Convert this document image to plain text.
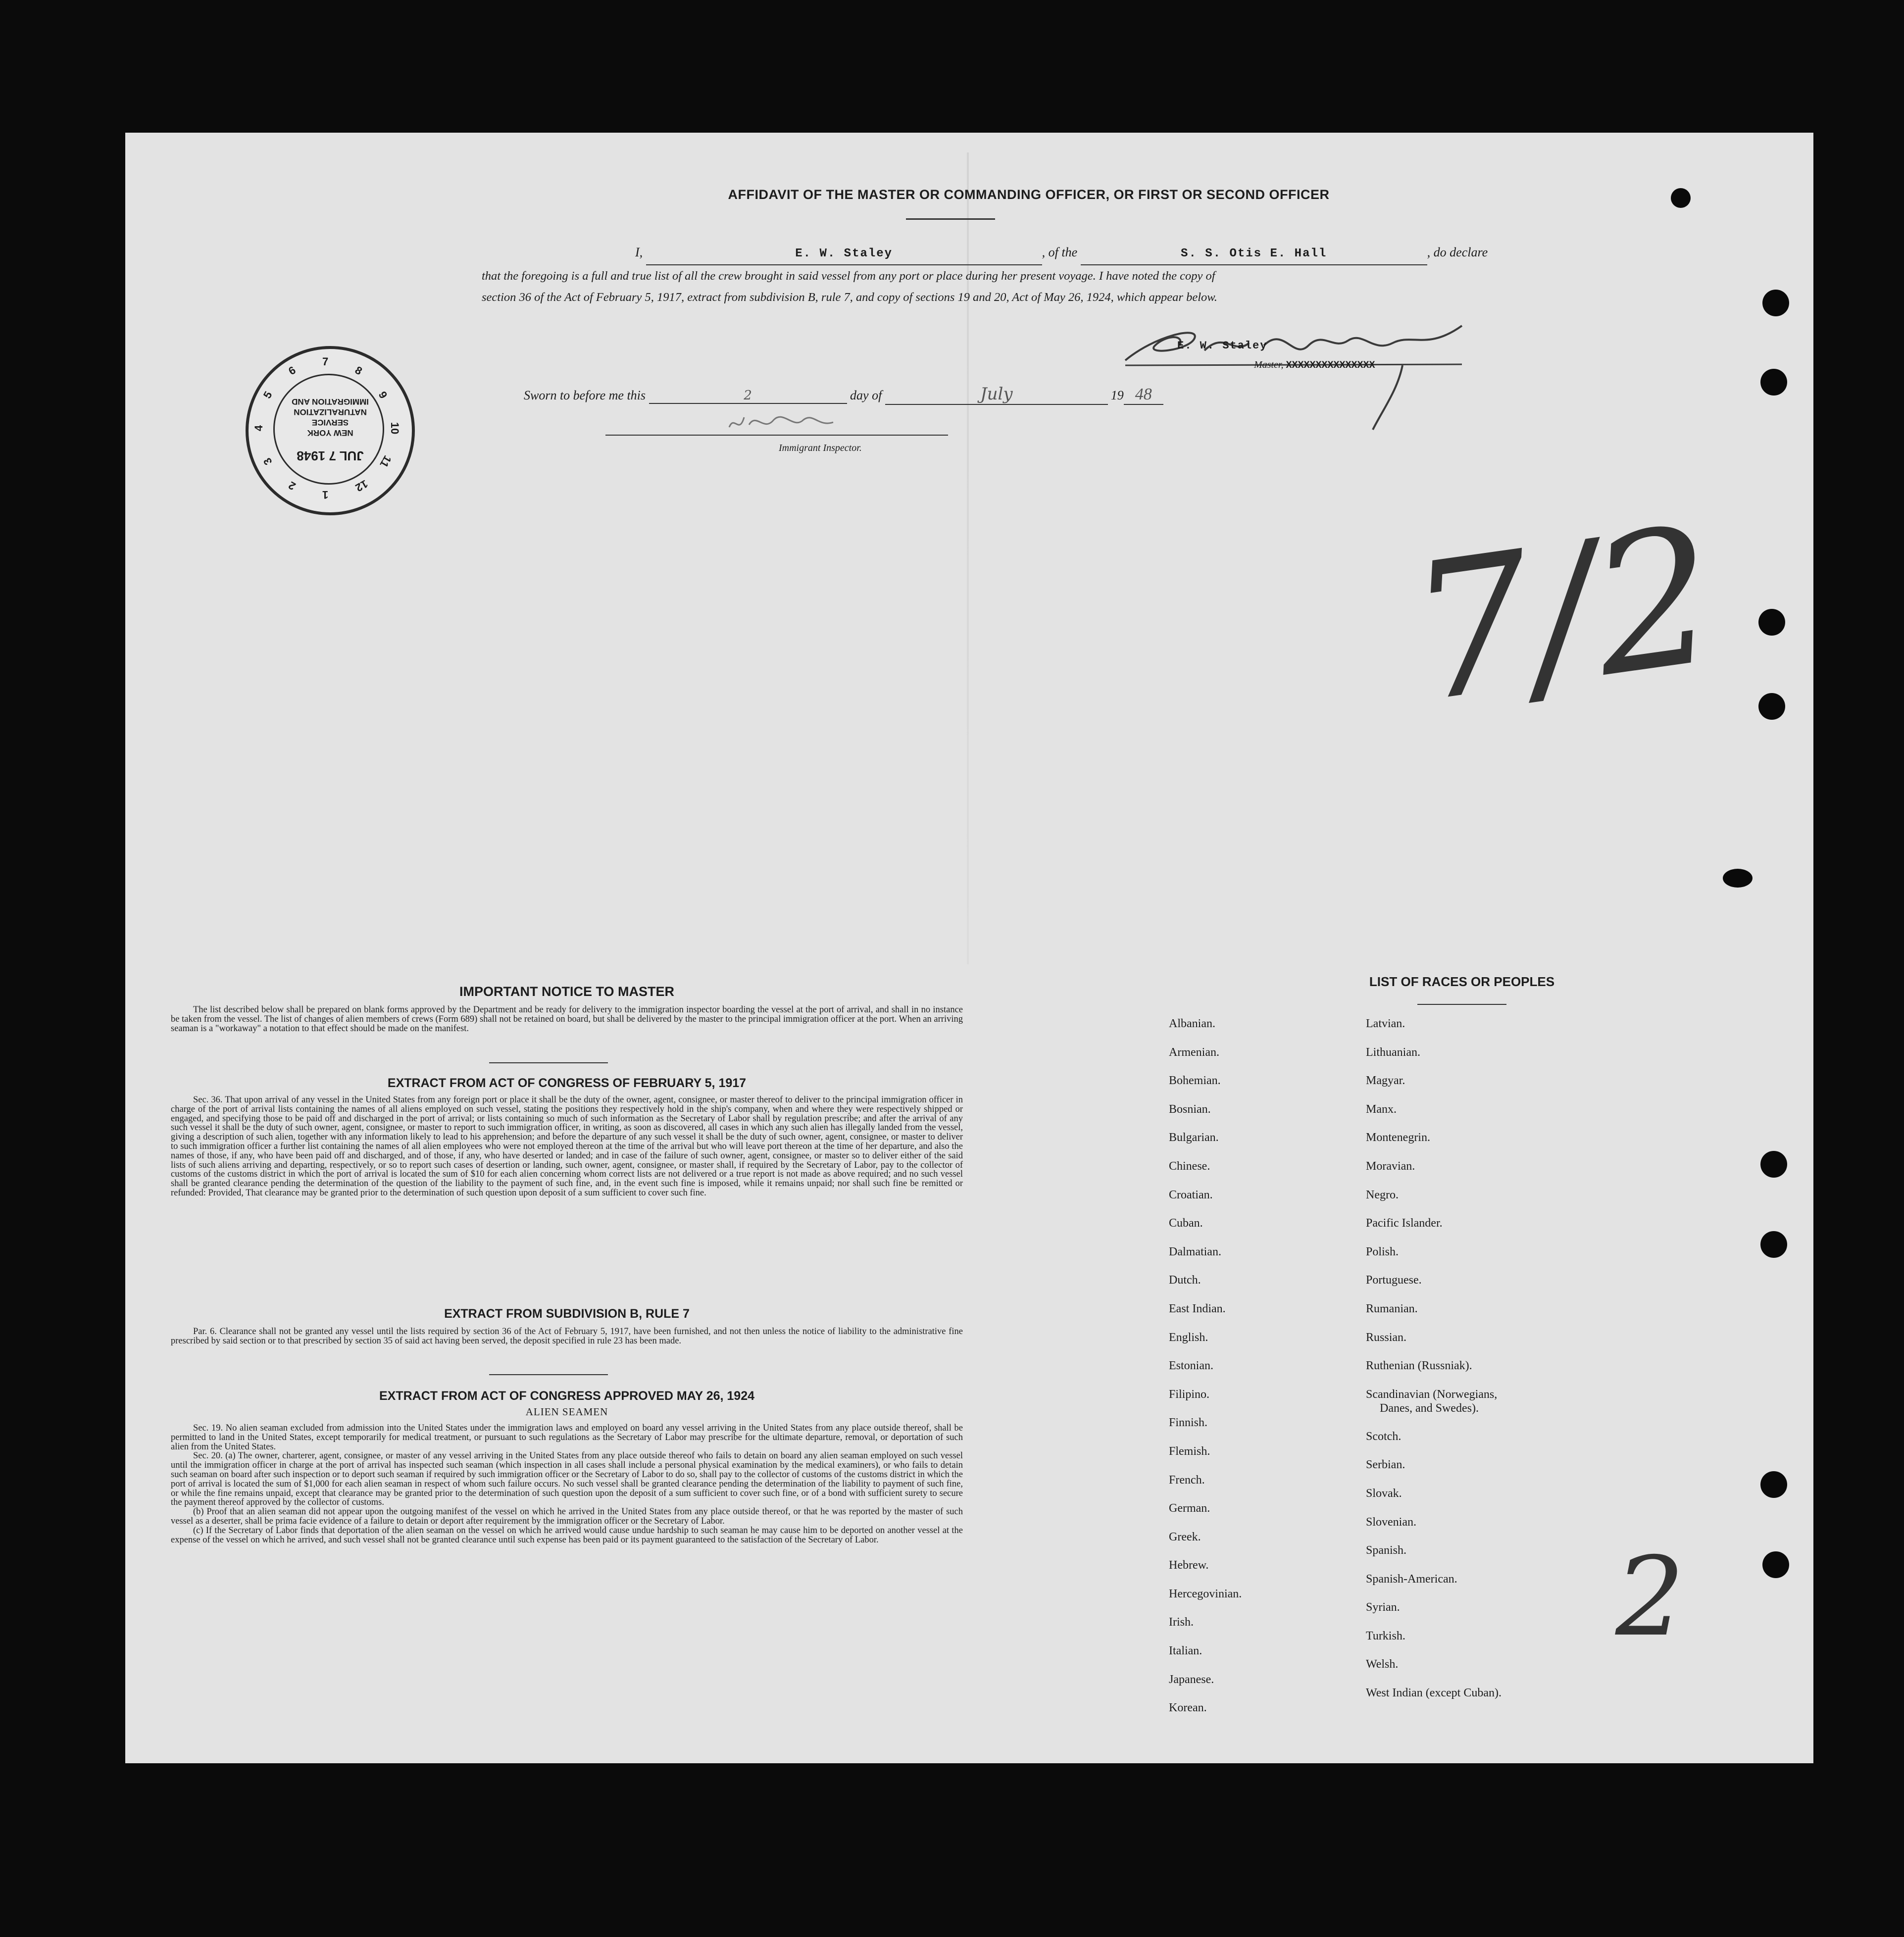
AFFIDAVIT OF THE MASTER OR COMMANDING OFFICER, OR FIRST OR SECOND OFFICER
I,	E. W. Staley	, of the	S. S. Otis E. Hall	, do declare
that the foregoing is a full and true list of all the crew brought in said vessel from any port or place during her present voyage. I have noted the copy of
section 36 of the Act of February 5, 1917, extract from subdivision B, rule 7, and copy of sections 19 and 20, Act of May 26, 1924, which appear below.
E. W. Staley
Master, XXXXXXXXXXXXXXX
Sworn to before me this	2	day of	July	19 48
Immigrant Inspector.
IMMIGRATION AND
NATURALIZATION
SERVICE
NEW YORK
JUL 7 1948
1
2
3
4
5
6
7
8
9
10
11
12	7/2
2
IMPORTANT NOTICE TO MASTER

The list described below shall be prepared on blank forms approved by the Department and be ready for delivery to the immigration inspector boarding the vessel at the port of arrival, and shall in no instance be taken from the vessel. The list of changes of alien members of crews (Form 689) shall not be retained on board, but shall be delivered by the master to the principal immigration officer at the port. When an arriving seaman is a "workaway" a notation to that effect should be made on the manifest.

EXTRACT FROM ACT OF CONGRESS OF FEBRUARY 5, 1917

Sec. 36. That upon arrival of any vessel in the United States from any foreign port or place it shall be the duty of the owner, agent, consignee, or master thereof to deliver to the principal immigration officer in charge of the port of arrival lists containing the names of all aliens employed on such vessel, stating the positions they respectively hold in the ship's company, when and where they were respectively shipped or engaged, and specifying those to be paid off and discharged in the port of arrival; or lists containing so much of such information as the Secretary of Labor shall by regulation prescribe; and after the arrival of any such vessel it shall be the duty of such owner, agent, consignee, or master to report to such immigration officer, in writing, as soon as discovered, all cases in which any such alien has illegally landed from the vessel, giving a description of such alien, together with any information likely to lead to his apprehension; and before the departure of any such vessel it shall be the duty of such owner, agent, consignee, or master to deliver to such immigration officer a further list containing the names of all alien employees who were not employed thereon at the time of the arrival but who will leave port thereon at the time of her departure, and also the names of those, if any, who have been paid off and discharged, and of those, if any, who have deserted or landed; and in case of the failure of such owner, agent, consignee, or master so to deliver either of the said lists of such aliens arriving and departing, respectively, or so to report such cases of desertion or landing, such owner, agent, consignee, or master shall, if required by the Secretary of Labor, pay to the collector of customs of the customs district in which the port of arrival is located the sum of $10 for each alien concerning whom correct lists are not delivered or a true report is not made as above required; and no such vessel shall be granted clearance pending the determination of the question of the liability to the payment of such fine, and, in the event such fine is imposed, while it remains unpaid; nor shall such fine be remitted or refunded: Provided, That clearance may be granted prior to the determination of such question upon deposit of a sum sufficient to cover such fine.

EXTRACT FROM SUBDIVISION B, RULE 7

Par. 6. Clearance shall not be granted any vessel until the lists required by section 36 of the Act of February 5, 1917, have been furnished, and not then unless the notice of liability to the administrative fine prescribed by said section or to that prescribed by section 35 of said act having been served, the deposit specified in rule 23 has been made.

EXTRACT FROM ACT OF CONGRESS APPROVED MAY 26, 1924
ALIEN SEAMEN

Sec. 19. No alien seaman excluded from admission into the United States under the immigration laws and employed on board any vessel arriving in the United States from any place outside thereof, shall be permitted to land in the United States, except temporarily for medical treatment, or pursuant to such regulations as the Secretary of Labor may prescribe for the ultimate departure, removal, or deportation of such alien from the United States.

Sec. 20. (a) The owner, charterer, agent, consignee, or master of any vessel arriving in the United States from any place outside thereof who fails to detain on board any alien seaman employed on such vessel until the immigration officer in charge at the port of arrival has inspected such seaman (which inspection in all cases shall include a personal physical examination by the medical examiners), or who fails to detain such seaman on board after such inspection or to deport such seaman if required by such immigration officer or the Secretary of Labor to do so, shall pay to the collector of customs of the customs district in which the port of arrival is located the sum of $1,000 for each alien seaman in respect of whom such failure occurs. No such vessel shall be granted clearance pending the determination of the liability to payment of such fine, or while the fine remains unpaid, except that clearance may be granted prior to the determination of such question upon the deposit of a sum sufficient to cover such fine, or of a bond with sufficient surety to secure the payment thereof approved by the collector of customs.

(b) Proof that an alien seaman did not appear upon the outgoing manifest of the vessel on which he arrived in the United States from any place outside thereof, or that he was reported by the master of such vessel as a deserter, shall be prima facie evidence of a failure to detain or deport after requirement by the immigration officer or the Secretary of Labor.

(c) If the Secretary of Labor finds that deportation of the alien seaman on the vessel on which he arrived would cause undue hardship to such seaman he may cause him to be deported on another vessel at the expense of the vessel on which he arrived, and such vessel shall not be granted clearance until such expense has been paid or its payment guaranteed to the satisfaction of the Secretary of Labor.

LIST OF RACES OR PEOPLES
Albanian.
Armenian.
Bohemian.
Bosnian.
Bulgarian.
Chinese.
Croatian.
Cuban.
Dalmatian.
Dutch.
East Indian.
English.
Estonian.
Filipino.
Finnish.
Flemish.
French.
German.
Greek.
Hebrew.
Hercegovinian.
Irish.
Italian.
Japanese.
Korean.
Latvian.
Lithuanian.
Magyar.
Manx.
Montenegrin.
Moravian.
Negro.
Pacific Islander.
Polish.
Portuguese.
Rumanian.
Russian.
Ruthenian (Russniak).
Scandinavian (Norwegians,
Danes, and Swedes).
Scotch.
Serbian.
Slovak.
Slovenian.
Spanish.
Spanish-American.
Syrian.
Turkish.
Welsh.
West Indian (except Cuban).
